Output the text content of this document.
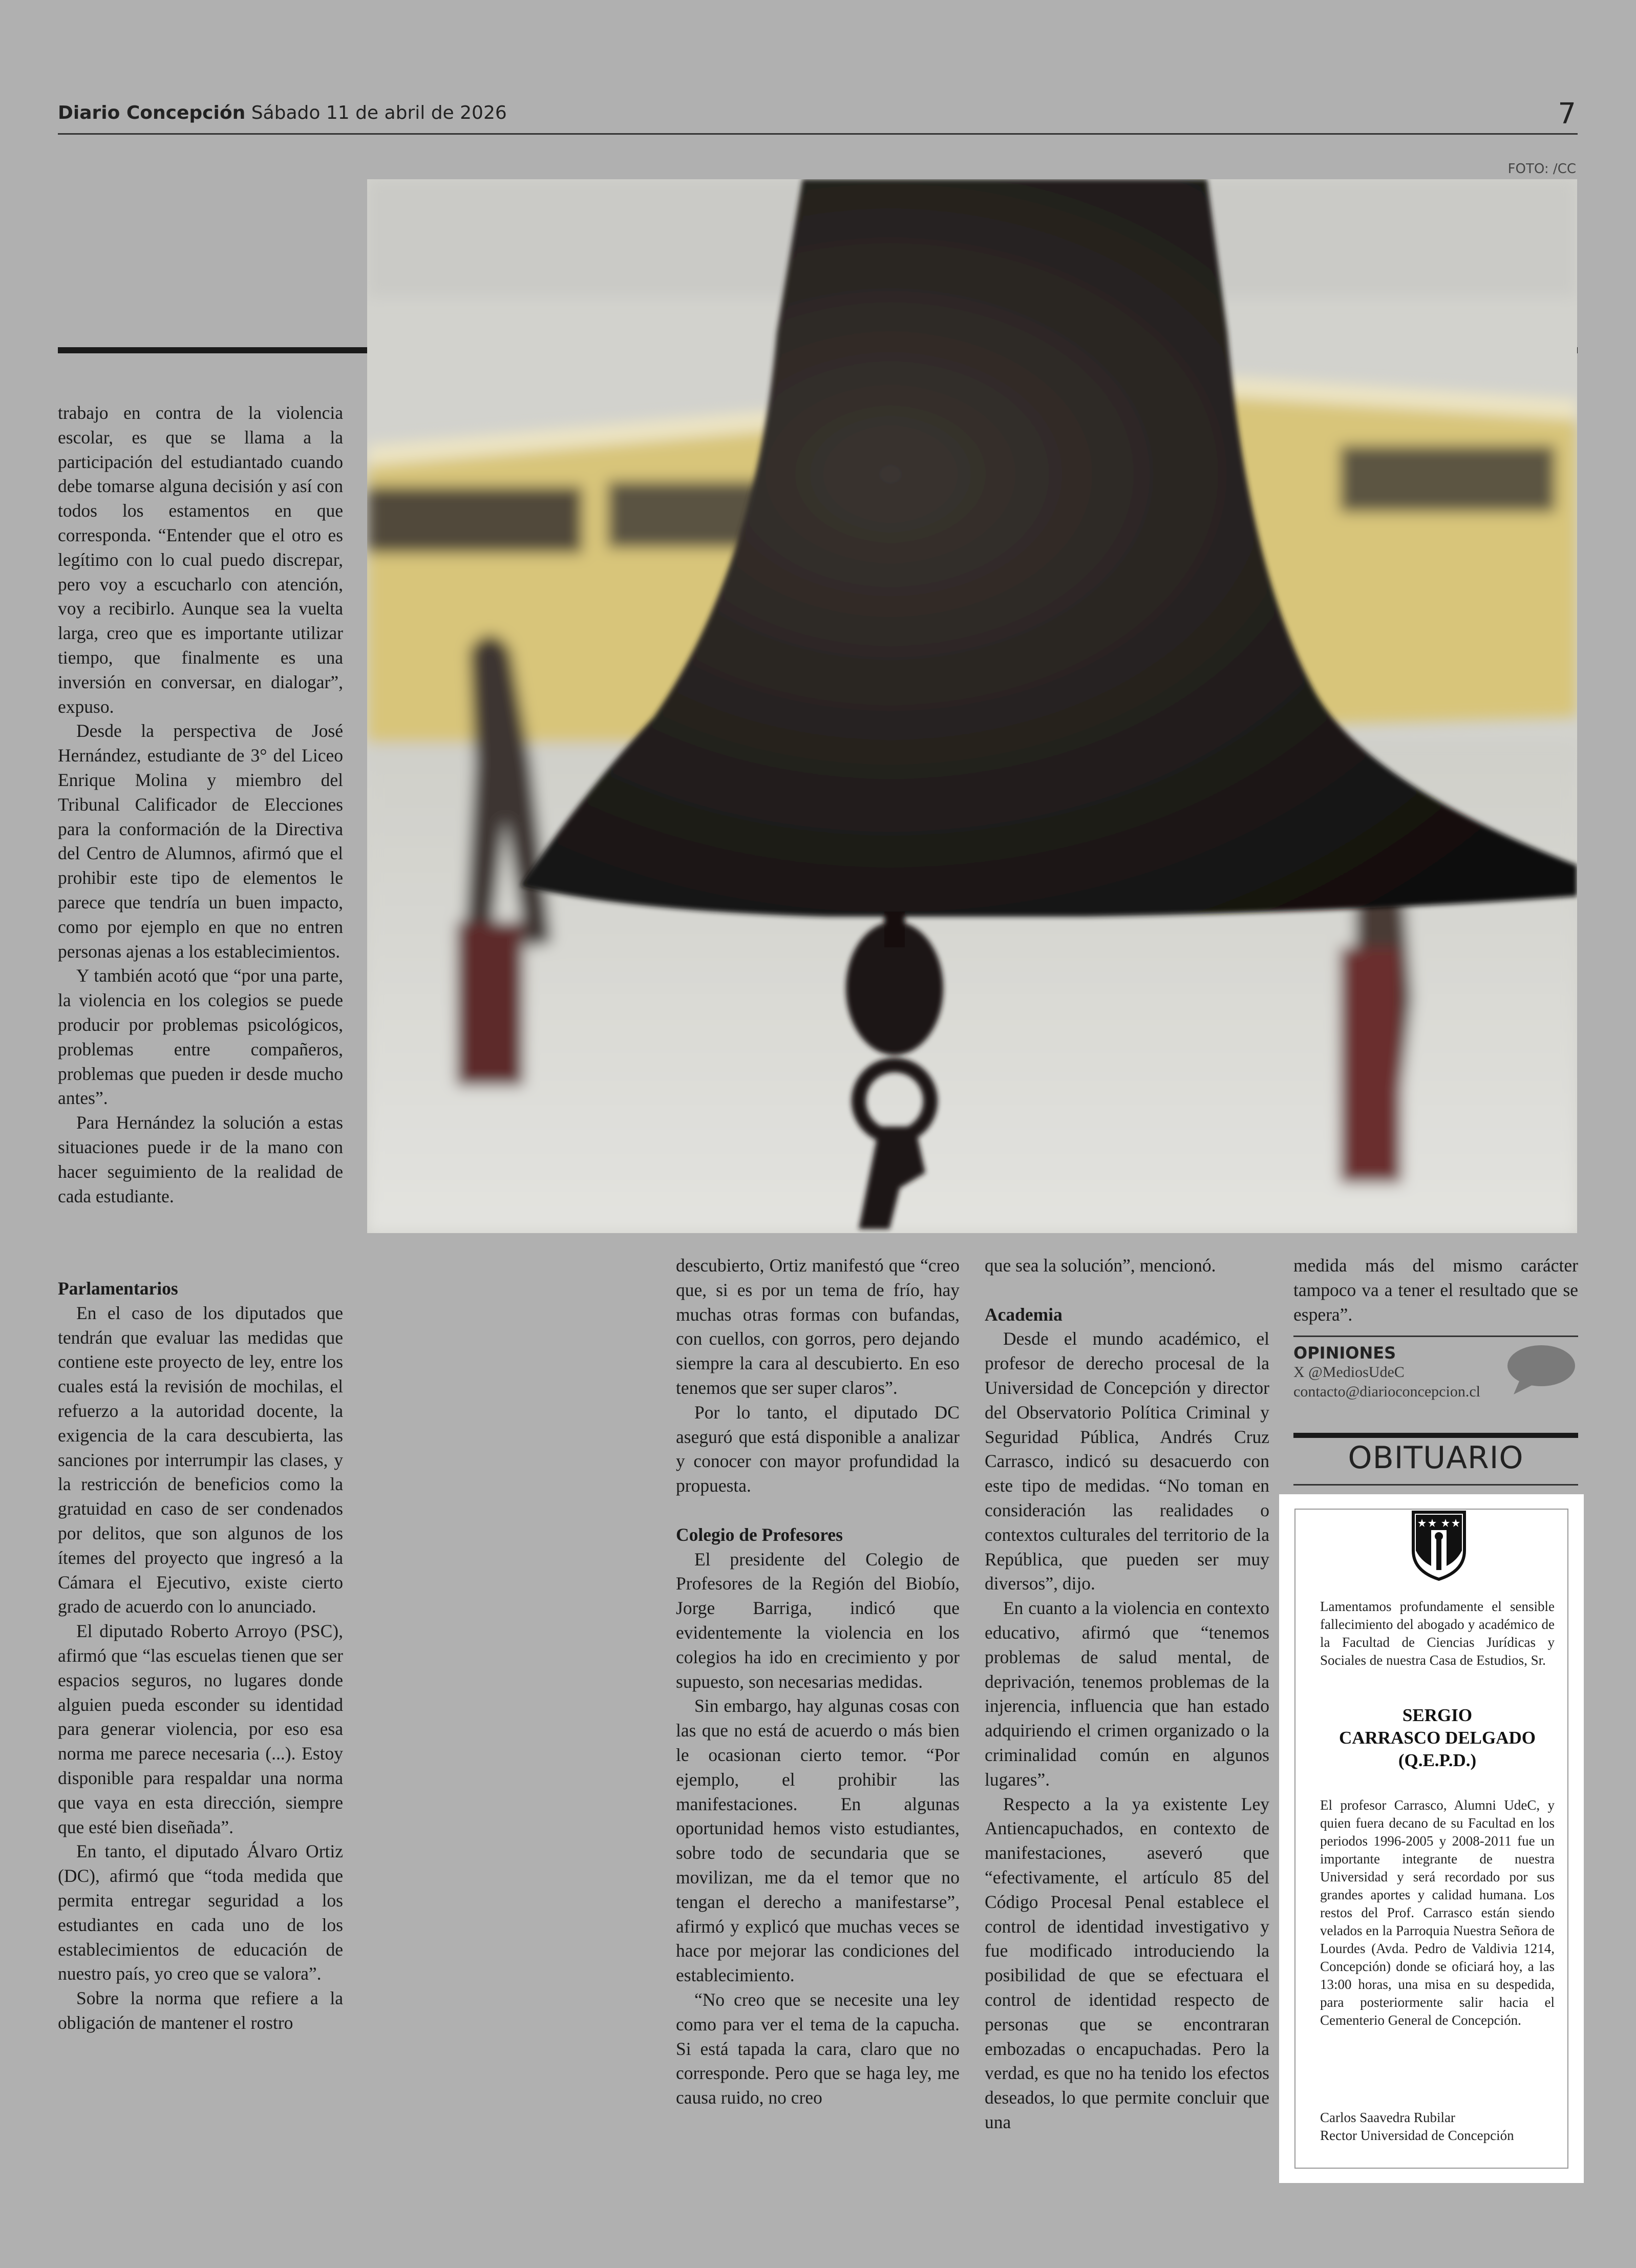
Diario Concepción Sábado 11 de abril de 2026	7
FOTO: /CC

trabajo en contra de la violencia escolar, es que se llama a la participación del estudiantado cuando debe tomarse alguna decisión y así con todos los estamentos en que corresponda. “Entender que el otro es legítimo con lo cual puedo discrepar, pero voy a escucharlo con atención, voy a recibirlo. Aunque sea la vuelta larga, creo que es importante utilizar tiempo, que finalmente es una inversión en conversar, en dialogar”, expuso.

Desde la perspectiva de José Hernández, estudiante de 3° del Liceo Enrique Molina y miembro del Tribunal Calificador de Elecciones para la conformación de la Directiva del Centro de Alumnos, afirmó que el prohibir este tipo de elementos le parece que tendría un buen impacto, como por ejemplo en que no entren personas ajenas a los establecimientos.

Y también acotó que “por una parte, la violencia en los colegios se puede producir por problemas psicológicos, problemas entre compañeros, problemas que pueden ir desde mucho antes”.

Para Hernández la solución a estas situaciones puede ir de la mano con hacer seguimiento de la realidad de cada estudiante.

Parlamentarios

En el caso de los diputados que tendrán que evaluar las medidas que contiene este proyecto de ley, entre los cuales está la revisión de mochilas, el refuerzo a la autoridad docente, la exigencia de la cara descubierta, las sanciones por interrumpir las clases, y la restricción de beneficios como la gratuidad en caso de ser condenados por delitos, que son algunos de los ítemes del proyecto que ingresó a la Cámara el Ejecutivo, existe cierto grado de acuerdo con lo anunciado.

El diputado Roberto Arroyo (PSC), afirmó que “las escuelas tienen que ser espacios seguros, no lugares donde alguien pueda esconder su identidad para generar violencia, por eso esa norma me parece necesaria (...). Estoy disponible para respaldar una norma que vaya en esta dirección, siempre que esté bien diseñada”.

En tanto, el diputado Álvaro Ortiz (DC), afirmó que “toda medida que permita entregar seguridad a los estudiantes en cada uno de los establecimientos de educación de nuestro país, yo creo que se valora”.

Sobre la norma que refiere a la obligación de mantener el rostro

descubierto, Ortiz manifestó que “creo que, si es por un tema de frío, hay muchas otras formas con bufandas, con cuellos, con gorros, pero dejando siempre la cara al descubierto. En eso tenemos que ser super claros”.

Por lo tanto, el diputado DC aseguró que está disponible a analizar y conocer con mayor profundidad la propuesta.

Colegio de Profesores

El presidente del Colegio de Profesores de la Región del Biobío, Jorge Barriga, indicó que evidentemente la violencia en los colegios ha ido en crecimiento y por supuesto, son necesarias medidas.

Sin embargo, hay algunas cosas con las que no está de acuerdo o más bien le ocasionan cierto temor. “Por ejemplo, el prohibir las manifestaciones. En algunas oportunidad hemos visto estudiantes, sobre todo de secundaria que se movilizan, me da el temor que no tengan el derecho a manifestarse”, afirmó y explicó que muchas veces se hace por mejorar las condiciones del establecimiento.

“No creo que se necesite una ley como para ver el tema de la capucha. Si está tapada la cara, claro que no corresponde. Pero que se haga ley, me causa ruido, no creo

que sea la solución”, mencionó.

Academia

Desde el mundo académico, el profesor de derecho procesal de la Universidad de Concepción y director del Observatorio Política Criminal y Seguridad Pública, Andrés Cruz Carrasco, indicó su desacuerdo con este tipo de medidas. “No toman en consideración las realidades o contextos culturales del territorio de la República, que pueden ser muy diversos”, dijo.

En cuanto a la violencia en contexto educativo, afirmó que “tenemos problemas de salud mental, de deprivación, tenemos problemas de la injerencia, influencia que han estado adquiriendo el crimen organizado o la criminalidad común en algunos lugares”.

Respecto a la ya existente Ley Antiencapuchados, en contexto de manifestaciones, aseveró que “efectivamente, el artículo 85 del Código Procesal Penal establece el control de identidad investigativo y fue modificado introduciendo la posibilidad de que se efectuara el control de identidad respecto de personas que se encontraran embozadas o encapuchadas. Pero la verdad, es que no ha tenido los efectos deseados, lo que permite concluir que una

medida más del mismo carácter tampoco va a tener el resultado que se espera”.

OPINIONES
X @MediosUdeC
contacto@diarioconcepcion.cl
OBITUARIO
Lamentamos profundamente el sensible fallecimiento del abogado y académico de la Facultad de Ciencias Jurídicas y Sociales de nuestra Casa de Estudios, Sr.
SERGIO
CARRASCO DELGADO
(Q.E.P.D.)
El profesor Carrasco, Alumni UdeC, y quien fuera decano de su Facultad en los periodos 1996-2005 y 2008-2011 fue un importante integrante de nuestra Universidad y será recordado por sus grandes aportes y calidad humana. Los restos del Prof. Carrasco están siendo velados en la Parroquia Nuestra Señora de Lourdes (Avda. Pedro de Valdivia 1214, Concepción) donde se oficiará hoy, a las 13:00 horas, una misa en su despedida, para posteriormente salir hacia el Cementerio General de Concepción.
Carlos Saavedra Rubilar
Rector Universidad de Concepción
